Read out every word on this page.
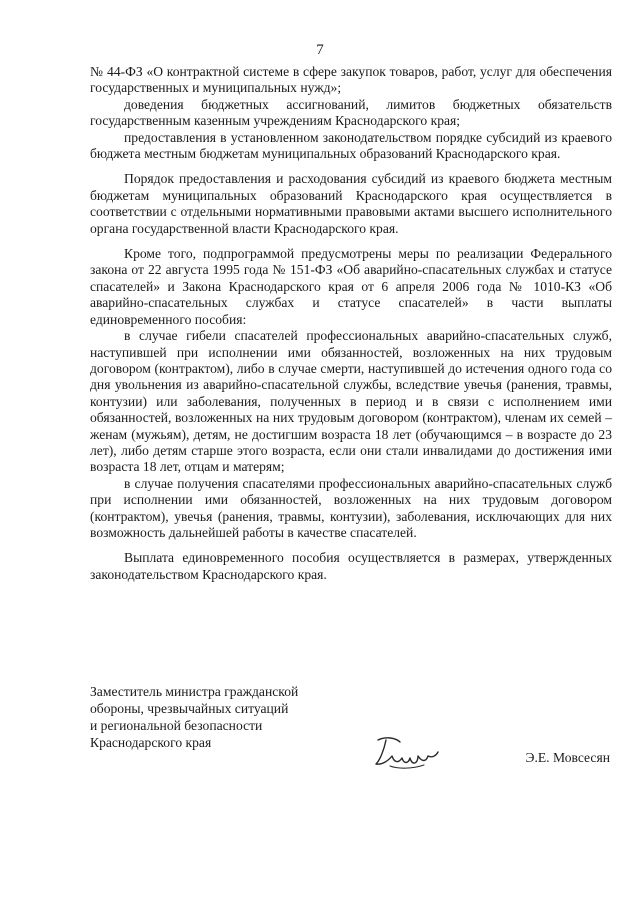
7

№ 44-ФЗ «О контрактной системе в сфере закупок товаров, работ, услуг для обеспечения государственных и муниципальных нужд»;

доведения бюджетных ассигнований, лимитов бюджетных обязательств государственным казенным учреждениям Краснодарского края;

предоставления в установленном законодательством порядке субсидий из краевого бюджета местным бюджетам муниципальных образований Краснодарского края.

Порядок предоставления и расходования субсидий из краевого бюджета местным бюджетам муниципальных образований Краснодарского края осуществляется в соответствии с отдельными нормативными правовыми актами высшего исполнительного органа государственной власти Краснодарского края.

Кроме того, подпрограммой предусмотрены меры по реализации Федерального закона от 22 августа 1995 года № 151-ФЗ «Об аварийно-спасательных службах и статусе спасателей» и Закона Краснодарского края от 6 апреля 2006 года № 1010-КЗ «Об аварийно-спасательных службах и статусе спасателей» в части выплаты единовременного пособия:

в случае гибели спасателей профессиональных аварийно-спасательных служб, наступившей при исполнении ими обязанностей, возложенных на них трудовым договором (контрактом), либо в случае смерти, наступившей до истечения одного года со дня увольнения из аварийно-спасательной службы, вследствие увечья (ранения, травмы, контузии) или заболевания, полученных в период и в связи с исполнением ими обязанностей, возложенных на них трудовым договором (контрактом), членам их семей – женам (мужьям), детям, не достигшим возраста 18 лет (обучающимся – в возрасте до 23 лет), либо детям старше этого возраста, если они стали инвалидами до достижения ими возраста 18 лет, отцам и матерям;

в случае получения спасателями профессиональных аварийно-спасательных служб при исполнении ими обязанностей, возложенных на них трудовым договором (контрактом), увечья (ранения, травмы, контузии), заболевания, исключающих для них возможность дальнейшей работы в качестве спасателей.

Выплата единовременного пособия осуществляется в размерах, утвержденных законодательством Краснодарского края.

Заместитель министра гражданской
обороны, чрезвычайных ситуаций
и региональной безопасности
Краснодарского края
Э.Е. Мовсесян
